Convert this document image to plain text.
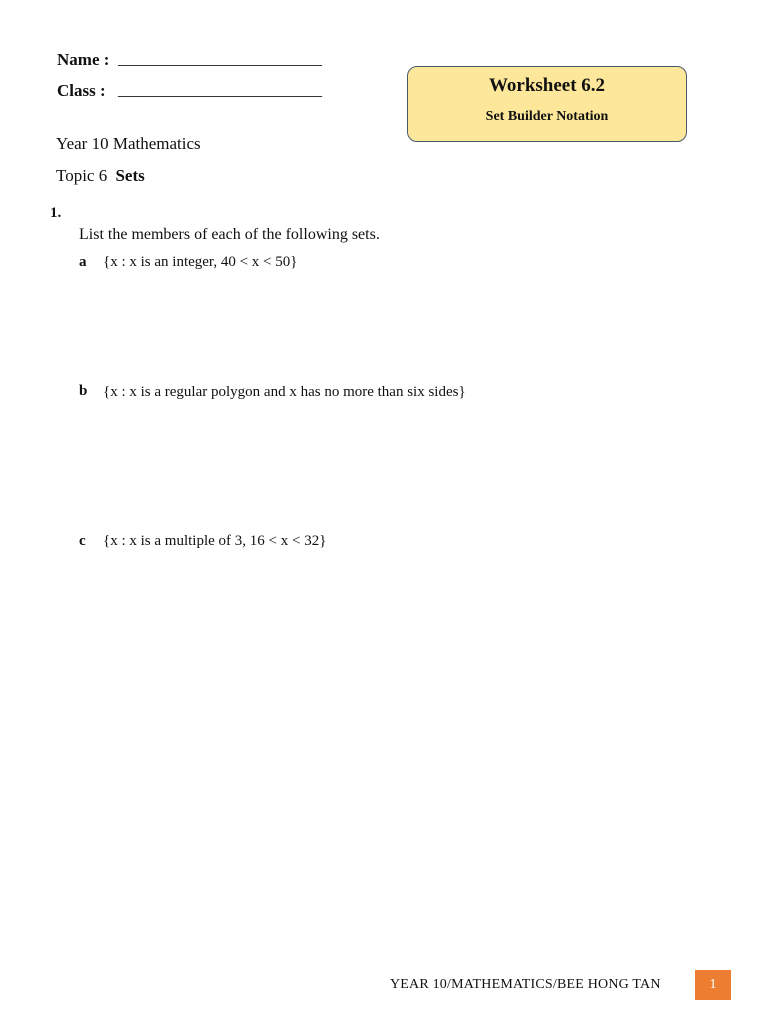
Name : ________________________
Class : ________________________	Worksheet 6.2
Set Builder Notation
Year 10 Mathematics
Topic 6 Sets
1.
List the members of each of the following sets.
a {x : x is an integer, 40 < x < 50}
b {x : x is a regular polygon and x has no more than six sides}
c {x : x is a multiple of 3, 16 < x < 32}
YEAR 10/MATHEMATICS/BEE HONG TAN	1
